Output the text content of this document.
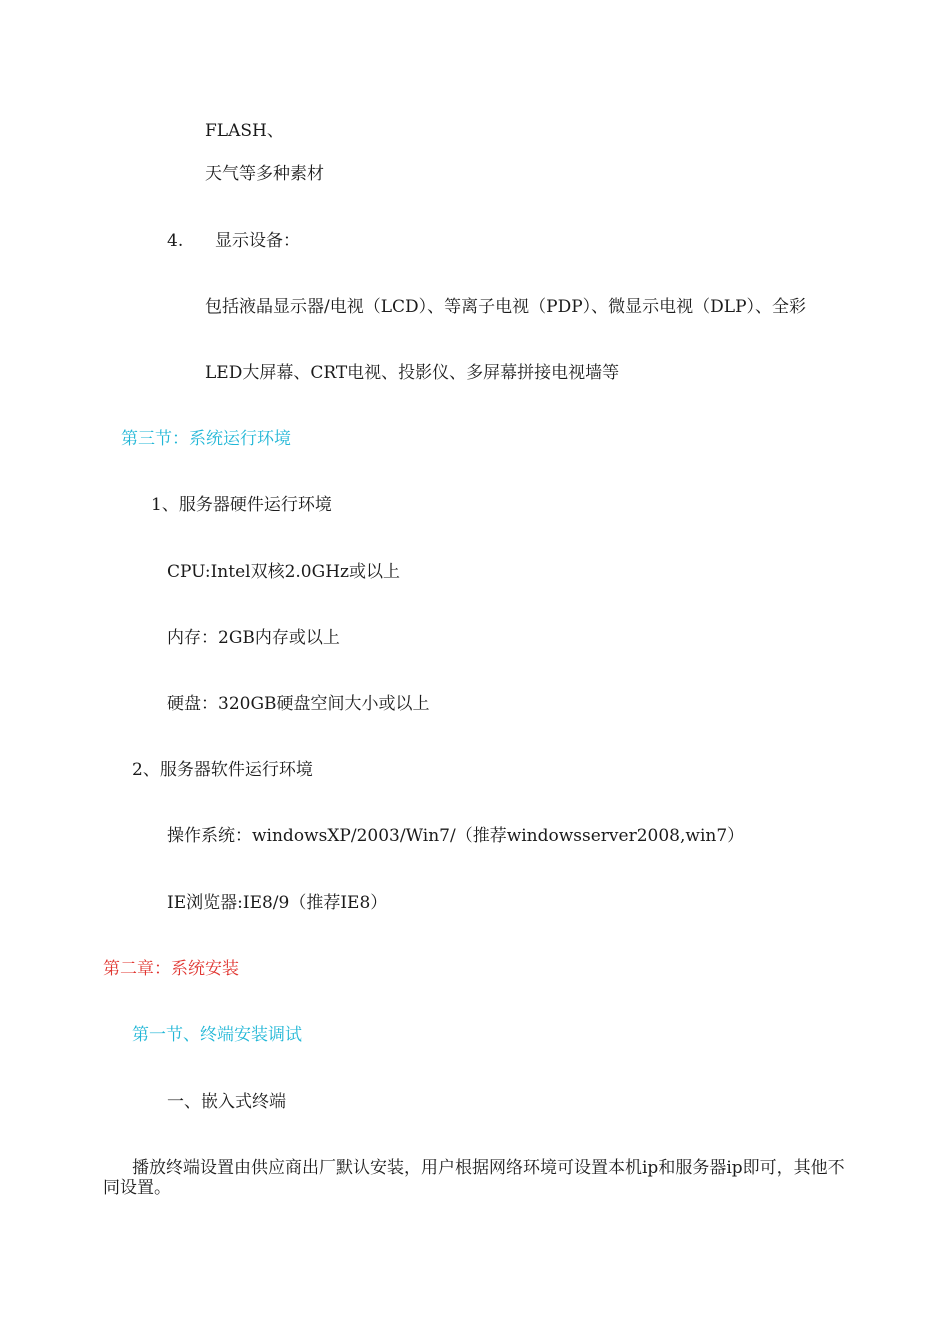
FLASH、
天气等多种素材
4. 显示设备：
包括液晶显示器/电视（LCD）、等离子电视（PDP）、微显示电视（DLP）、全彩
LED大屏幕、CRT电视、投影仪、多屏幕拼接电视墙等
第三节：系统运行环境
1、服务器硬件运行环境
CPU:Intel双核2.0GHz或以上
内存：2GB内存或以上
硬盘：320GB硬盘空间大小或以上
2、服务器软件运行环境
操作系统：windowsXP/2003/Win7/（推荐windowsserver2008,win7）
IE浏览器:IE8/9（推荐IE8）
第二章：系统安装
第一节、终端安装调试
一、嵌入式终端
播放终端设置由供应商出厂默认安装，用户根据网络环境可设置本机ip和服务器ip即可，其他不同设置。
